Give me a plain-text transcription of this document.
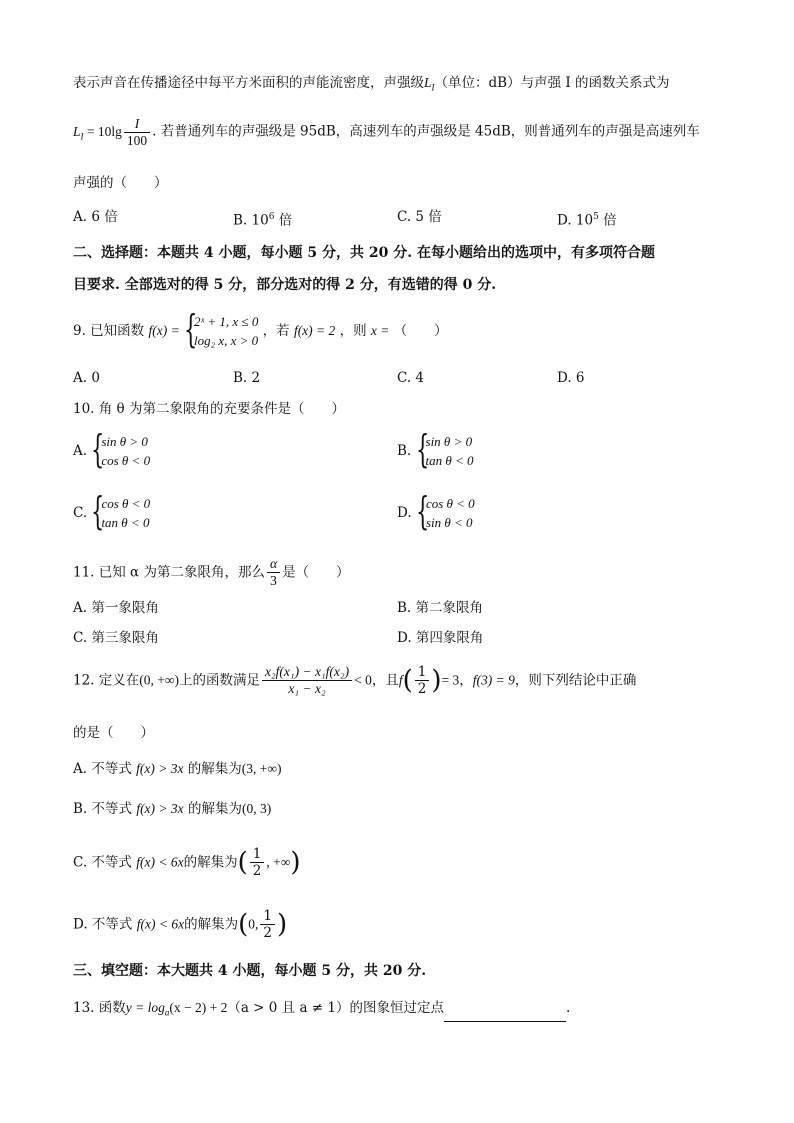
表示声音在传播途径中每平方米面积的声能流密度，声强级$L_I$（单位：dB）与声强 I 的函数关系式为
$L_I = 10\lg \frac{I}{100}$ . 若普通列车的声强级是 95dB，高速列车的声强级是 45dB，则普通列车的声强是高速列车
声强的（　　）
A. 6 倍	B. $10^6$ 倍	C. 5 倍	D. $10^5$ 倍
二、选择题：本题共 4 小题，每小题 5 分，共 20 分. 在每小题给出的选项中，有多项符合题
目要求. 全部选对的得 5 分，部分选对的得 2 分，有选错的得 0 分.
9. 已知函数 f(x) = {
2ˣ + 1, x ≤ 0
log₂ x, x > 0
，若 f(x) = 2 ，则 x = （　　）
A. 0	B. 2	C. 4	D. 6
10. 角 θ 为第二象限角的充要条件是（　　）
A. {
sin θ > 0
cos θ < 0
B. {
sin θ > 0
tan θ < 0
C. {
cos θ < 0
tan θ < 0
D. {
cos θ < 0
sin θ < 0
11. 已知 α 为第二象限角，那么 $\frac{\alpha}{3}$ 是（　　）
A. 第一象限角	B. 第二象限角
C. 第三象限角	D. 第四象限角
12. 定义在(0, +∞)上的函数满足 $\frac{\text{x₂f(x₁) − x₁f(x₂)}}{\text{x₁ − x₂}} < 0$，且$f( \frac{1}{2}$ )= 3，f(3) = 9，则下列结论中正确
的是（　　）
A. 不等式 f(x) > 3x 的解集为(3, +∞)
B. 不等式 f(x) > 3x 的解集为(0, 3)
C. 不等式 f(x) < 6x的解集为( $\frac{1}{2}$ , +∞)
D. 不等式 f(x) < 6x的解集为(0, $\frac{1}{2}$ )
三、填空题：本大题共 4 小题，每小题 5 分，共 20 分.
13. 函数$y = \log_a(x - 2) + 2(a > 0$ 且 a ≠ 1）的图象恒过定点	.
